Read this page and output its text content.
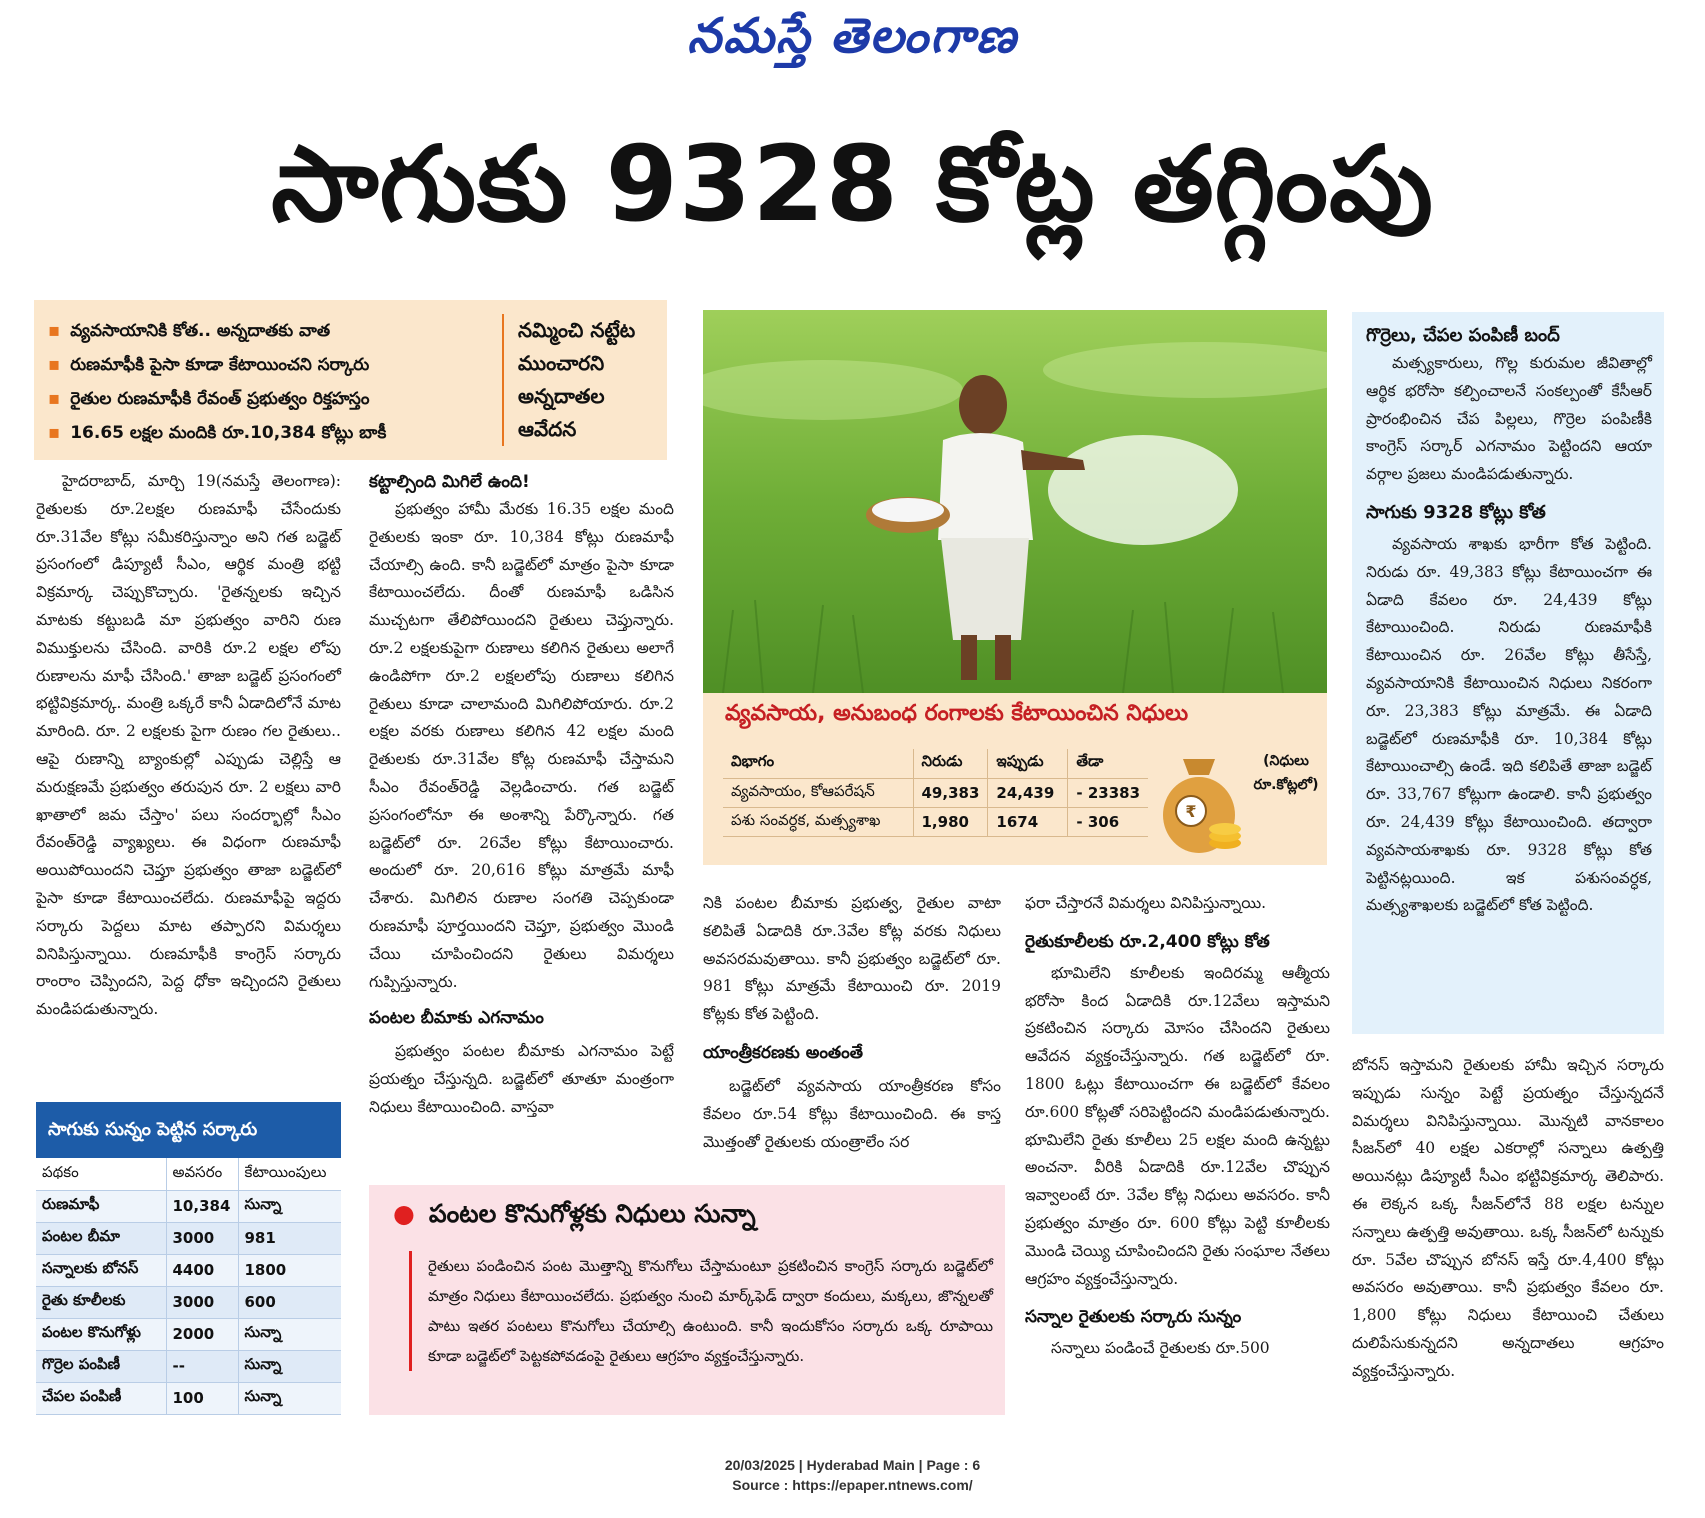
నమస్తే తెలంగాణ
సాగుకు 9328 కోట్ల తగ్గింపు
▪ వ్యవసాయానికి కోత.. అన్నదాతకు వాత
▪ రుణమాఫీకి పైసా కూడా కేటాయించని సర్కారు
▪ రైతుల రుణమాఫీకి రేవంత్ ప్రభుత్వం రిక్తహస్తం
▪ 16.65 లక్షల మందికి రూ.10,384 కోట్లు బాకీ
నమ్మించి నట్టేట ముంచారని అన్నదాతల ఆవేదన

హైదరాబాద్, మార్చి 19(నమస్తే తెలంగాణ): రైతులకు రూ.2లక్షల రుణమాఫీ చేసేందుకు రూ.31వేల కోట్లు సమీకరిస్తున్నాం అని గత బడ్జెట్ ప్రసంగంలో డిప్యూటీ సీఎం, ఆర్థిక మంత్రి భట్టి విక్రమార్క చెప్పుకొచ్చారు. 'రైతన్నలకు ఇచ్చిన మాటకు కట్టుబడి మా ప్రభుత్వం వారిని రుణ విముక్తులను చేసింది. వారికి రూ.2 లక్షల లోపు రుణాలను మాఫీ చేసింది.' తాజా బడ్జెట్ ప్రసంగంలో భట్టివిక్రమార్క. మంత్రి ఒక్కరే కానీ ఏడాదిలోనే మాట మారింది. రూ. 2 లక్షలకు పైగా రుణం గల రైతులు.. ఆపై రుణాన్ని బ్యాంకుల్లో ఎప్పుడు చెల్లిస్తే ఆ మరుక్షణమే ప్రభుత్వం తరుపున రూ. 2 లక్షలు వారి ఖాతాలో జమ చేస్తాం' పలు సందర్భాల్లో సీఎం రేవంత్‌రెడ్డి వ్యాఖ్యలు. ఈ విధంగా రుణమాఫీ అయిపోయిందని చెప్తూ ప్రభుత్వం తాజా బడ్జెట్‌లో పైసా కూడా కేటాయించలేదు. రుణమాఫీపై ఇద్దరు సర్కారు పెద్దలు మాట తప్పారని విమర్శలు వినిపిస్తున్నాయి. రుణమాఫీకి కాంగ్రెస్ సర్కారు రాంరాం చెప్పిందని, పెద్ద ధోకా ఇచ్చిందని రైతులు మండిపడుతున్నారు.

కట్టాల్సింది మిగిలే ఉంది!

ప్రభుత్వం హామీ మేరకు 16.35 లక్షల మంది రైతులకు ఇంకా రూ. 10,384 కోట్లు రుణమాఫీ చేయాల్సి ఉంది. కానీ బడ్జెట్‌లో మాత్రం పైసా కూడా కేటాయించలేదు. దీంతో రుణమాఫీ ఒడిసిన ముచ్చటగా తేలిపోయిందని రైతులు చెప్తున్నారు. రూ.2 లక్షలకుపైగా రుణాలు కలిగిన రైతులు అలాగే ఉండిపోగా రూ.2 లక్షలలోపు రుణాలు కలిగిన రైతులు కూడా చాలామంది మిగిలిపోయారు. రూ.2 లక్షల వరకు రుణాలు కలిగిన 42 లక్షల మంది రైతులకు రూ.31వేల కోట్ల రుణమాఫీ చేస్తామని సీఎం రేవంత్‌రెడ్డి వెల్లడించారు. గత బడ్జెట్ ప్రసంగంలోనూ ఈ అంశాన్ని పేర్కొన్నారు. గత బడ్జెట్‌లో రూ. 26వేల కోట్లు కేటాయించారు. అందులో రూ. 20,616 కోట్లు మాత్రమే మాఫీ చేశారు. మిగిలిన రుణాల సంగతి చెప్పకుండా రుణమాఫీ పూర్తయిందని చెప్తూ, ప్రభుత్వం మొండి చేయి చూపించిందని రైతులు విమర్శలు గుప్పిస్తున్నారు.

పంటల బీమాకు ఎగనామం

ప్రభుత్వం పంటల బీమాకు ఎగనామం పెట్టే ప్రయత్నం చేస్తున్నది. బడ్జెట్‌లో తూతూ మంత్రంగా నిధులు కేటాయించింది. వాస్తవా

వ్యవసాయ, అనుబంధ రంగాలకు కేటాయించిన నిధులు
విభాగం	నిరుడు	ఇప్పుడు	తేడా
వ్యవసాయం, కోఆపరేషన్	49,383	24,439	- 23383
పశు సంవర్ధక, మత్స్యశాఖ	1,980	1674	- 306
₹
(నిధులు రూ.కోట్లలో)

నికి పంటల బీమాకు ప్రభుత్వ, రైతుల వాటా కలిపితే ఏడాదికి రూ.3వేల కోట్ల వరకు నిధులు అవసరమవుతాయి. కానీ ప్రభుత్వం బడ్జెట్‌లో రూ. 981 కోట్లు మాత్రమే కేటాయించి రూ. 2019 కోట్లకు కోత పెట్టింది.

యాంత్రీకరణకు అంతంతే

బడ్జెట్‌లో వ్యవసాయ యాంత్రీకరణ కోసం కేవలం రూ.54 కోట్లు కేటాయించింది. ఈ కాస్త మొత్తంతో రైతులకు యంత్రాలేం సర

ఫరా చేస్తారనే విమర్శలు వినిపిస్తున్నాయి.

రైతుకూలీలకు రూ.2,400 కోట్లు కోత

భూమిలేని కూలీలకు ఇందిరమ్మ ఆత్మీయ భరోసా కింద ఏడాదికి రూ.12వేలు ఇస్తామని ప్రకటించిన సర్కారు మోసం చేసిందని రైతులు ఆవేదన వ్యక్తంచేస్తున్నారు. గత బడ్జెట్‌లో రూ. 1800 ఓట్లు కేటాయించగా ఈ బడ్జెట్‌లో కేవలం రూ.600 కోట్లతో సరిపెట్టిందని మండిపడుతున్నారు. భూమిలేని రైతు కూలీలు 25 లక్షల మంది ఉన్నట్టు అంచనా. వీరికి ఏడాదికి రూ.12వేల చొప్పున ఇవ్వాలంటే రూ. 3వేల కోట్ల నిధులు అవసరం. కానీ ప్రభుత్వం మాత్రం రూ. 600 కోట్లు పెట్టి కూలీలకు మొండి చెయ్యి చూపించిందని రైతు సంఘాల నేతలు ఆగ్రహం వ్యక్తంచేస్తున్నారు.

సన్నాల రైతులకు సర్కారు సున్నం

సన్నాలు పండించే రైతులకు రూ.500

గొర్రెలు, చేపల పంపిణీ బంద్

మత్స్యకారులు, గొల్ల కురుమల జీవితాల్లో ఆర్థిక భరోసా కల్పించాలనే సంకల్పంతో కేసీఆర్ ప్రారంభించిన చేప పిల్లలు, గొర్రెల పంపిణీకి కాంగ్రెస్ సర్కార్ ఎగనామం పెట్టిందని ఆయా వర్గాల ప్రజలు మండిపడుతున్నారు.

సాగుకు 9328 కోట్లు కోత

వ్యవసాయ శాఖకు భారీగా కోత పెట్టింది. నిరుడు రూ. 49,383 కోట్లు కేటాయించగా ఈ ఏడాది కేవలం రూ. 24,439 కోట్లు కేటాయించింది. నిరుడు రుణమాఫీకి కేటాయించిన రూ. 26వేల కోట్లు తీసేస్తే, వ్యవసాయానికి కేటాయించిన నిధులు నికరంగా రూ. 23,383 కోట్లు మాత్రమే. ఈ ఏడాది బడ్జెట్‌లో రుణమాఫీకి రూ. 10,384 కోట్లు కేటాయించాల్సి ఉండే. ఇది కలిపితే తాజా బడ్జెట్ రూ. 33,767 కోట్లుగా ఉండాలి. కానీ ప్రభుత్వం రూ. 24,439 కోట్లు కేటాయించింది. తద్వారా వ్యవసాయశాఖకు రూ. 9328 కోట్లు కోత పెట్టినట్లయింది. ఇక పశుసంవర్ధక, మత్స్యశాఖలకు బడ్జెట్‌లో కోత పెట్టింది.

బోనస్ ఇస్తామని రైతులకు హామీ ఇచ్చిన సర్కారు ఇప్పుడు సున్నం పెట్టే ప్రయత్నం చేస్తున్నదనే విమర్శలు వినిపిస్తున్నాయి. మొన్నటి వానకాలం సీజన్‌లో 40 లక్షల ఎకరాల్లో సన్నాలు ఉత్పత్తి అయినట్లు డిప్యూటీ సీఎం భట్టివిక్రమార్క తెలిపారు. ఈ లెక్కన ఒక్క సీజన్‌లోనే 88 లక్షల టన్నుల సన్నాలు ఉత్పత్తి అవుతాయి. ఒక్క సీజన్‌లో టన్నుకు రూ. 5వేల చొప్పున బోనస్ ఇస్తే రూ.4,400 కోట్లు అవసరం అవుతాయి. కానీ ప్రభుత్వం కేవలం రూ. 1,800 కోట్లు నిధులు కేటాయించి చేతులు దులిపేసుకున్నదని అన్నదాతలు ఆగ్రహం వ్యక్తంచేస్తున్నారు.

సాగుకు సున్నం పెట్టిన సర్కారు
పథకం	అవసరం	కేటాయింపులు
రుణమాఫీ	10,384	సున్నా
పంటల బీమా	3000	981
సన్నాలకు బోనస్	4400	1800
రైతు కూలీలకు	3000	600
పంటల కొనుగోళ్లు	2000	సున్నా
గొర్రెల పంపిణీ	--	సున్నా
చేపల పంపిణీ	100	సున్నా
● పంటల కొనుగోళ్లకు నిధులు సున్నా
రైతులు పండించిన పంట మొత్తాన్ని కొనుగోలు చేస్తామంటూ ప్రకటించిన కాంగ్రెస్ సర్కారు బడ్జెట్‌లో మాత్రం నిధులు కేటాయించలేదు. ప్రభుత్వం నుంచి మార్క్‌ఫెడ్ ద్వారా కందులు, మక్కలు, జొన్నలతో పాటు ఇతర పంటలు కొనుగోలు చేయాల్సి ఉంటుంది. కానీ ఇందుకోసం సర్కారు ఒక్క రూపాయి కూడా బడ్జెట్‌లో పెట్టకపోవడంపై రైతులు ఆగ్రహం వ్యక్తంచేస్తున్నారు.
20/03/2025 | Hyderabad Main | Page : 6
Source : https://epaper.ntnews.com/
